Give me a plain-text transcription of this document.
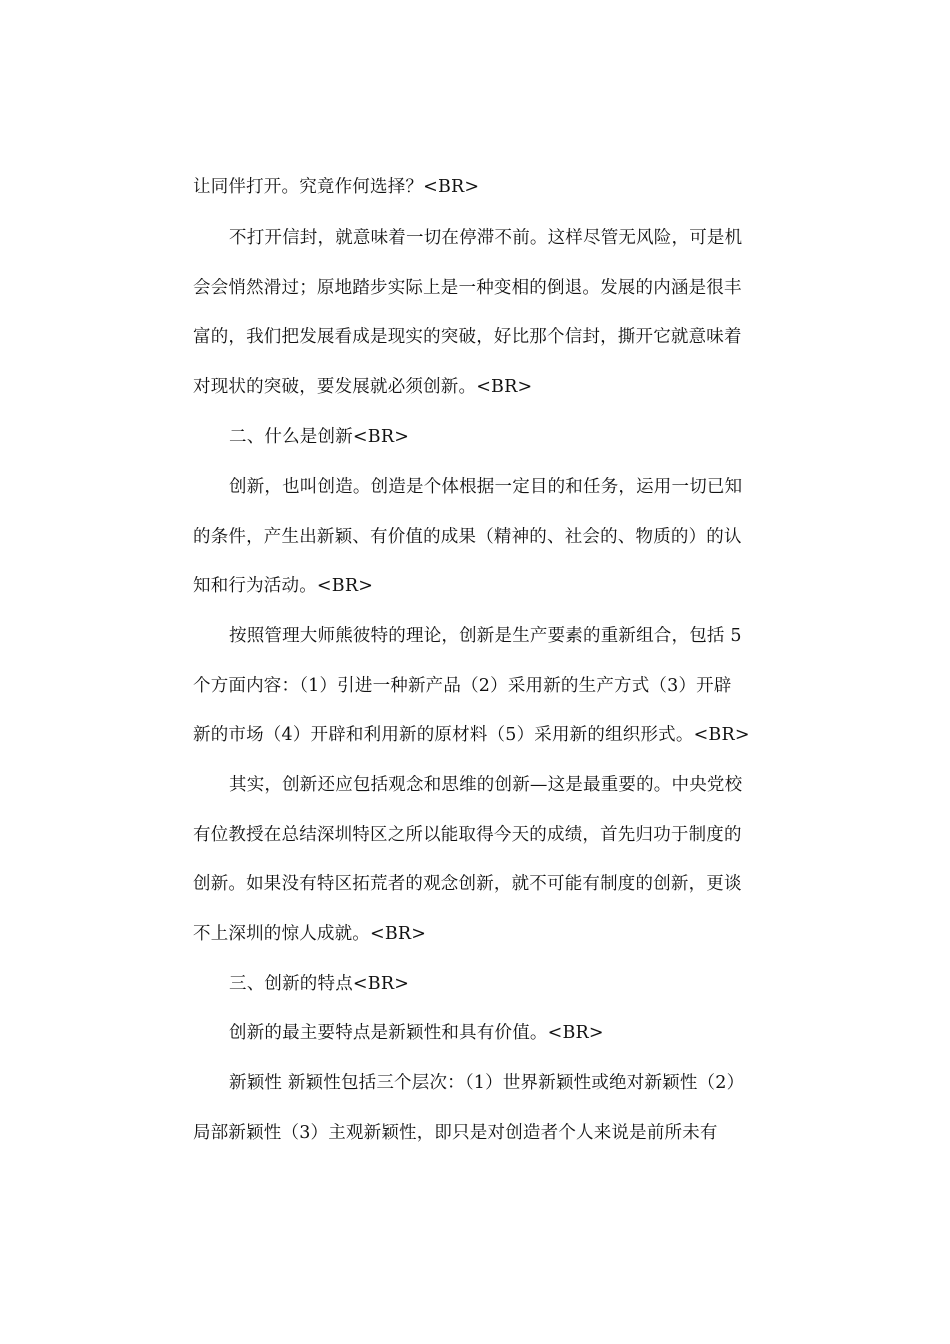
让同伴打开。究竟作何选择？<BR>
不打开信封，就意味着一切在停滞不前。这样尽管无风险，可是机
会会悄然滑过；原地踏步实际上是一种变相的倒退。发展的内涵是很丰
富的，我们把发展看成是现实的突破，好比那个信封，撕开它就意味着
对现状的突破，要发展就必须创新。<BR>
二、什么是创新<BR>
创新，也叫创造。创造是个体根据一定目的和任务，运用一切已知
的条件，产生出新颖、有价值的成果（精神的、社会的、物质的）的认
知和行为活动。<BR>
按照管理大师熊彼特的理论，创新是生产要素的重新组合，包括 5
个方面内容：（1）引进一种新产品（2）采用新的生产方式（3）开辟
新的市场（4）开辟和利用新的原材料（5）采用新的组织形式。<BR>
其实，创新还应包括观念和思维的创新—这是最重要的。中央党校
有位教授在总结深圳特区之所以能取得今天的成绩，首先归功于制度的
创新。如果没有特区拓荒者的观念创新，就不可能有制度的创新，更谈
不上深圳的惊人成就。<BR>
三、创新的特点<BR>
创新的最主要特点是新颖性和具有价值。<BR>
新颖性 新颖性包括三个层次：（1）世界新颖性或绝对新颖性（2）
局部新颖性（3）主观新颖性，即只是对创造者个人来说是前所未有
